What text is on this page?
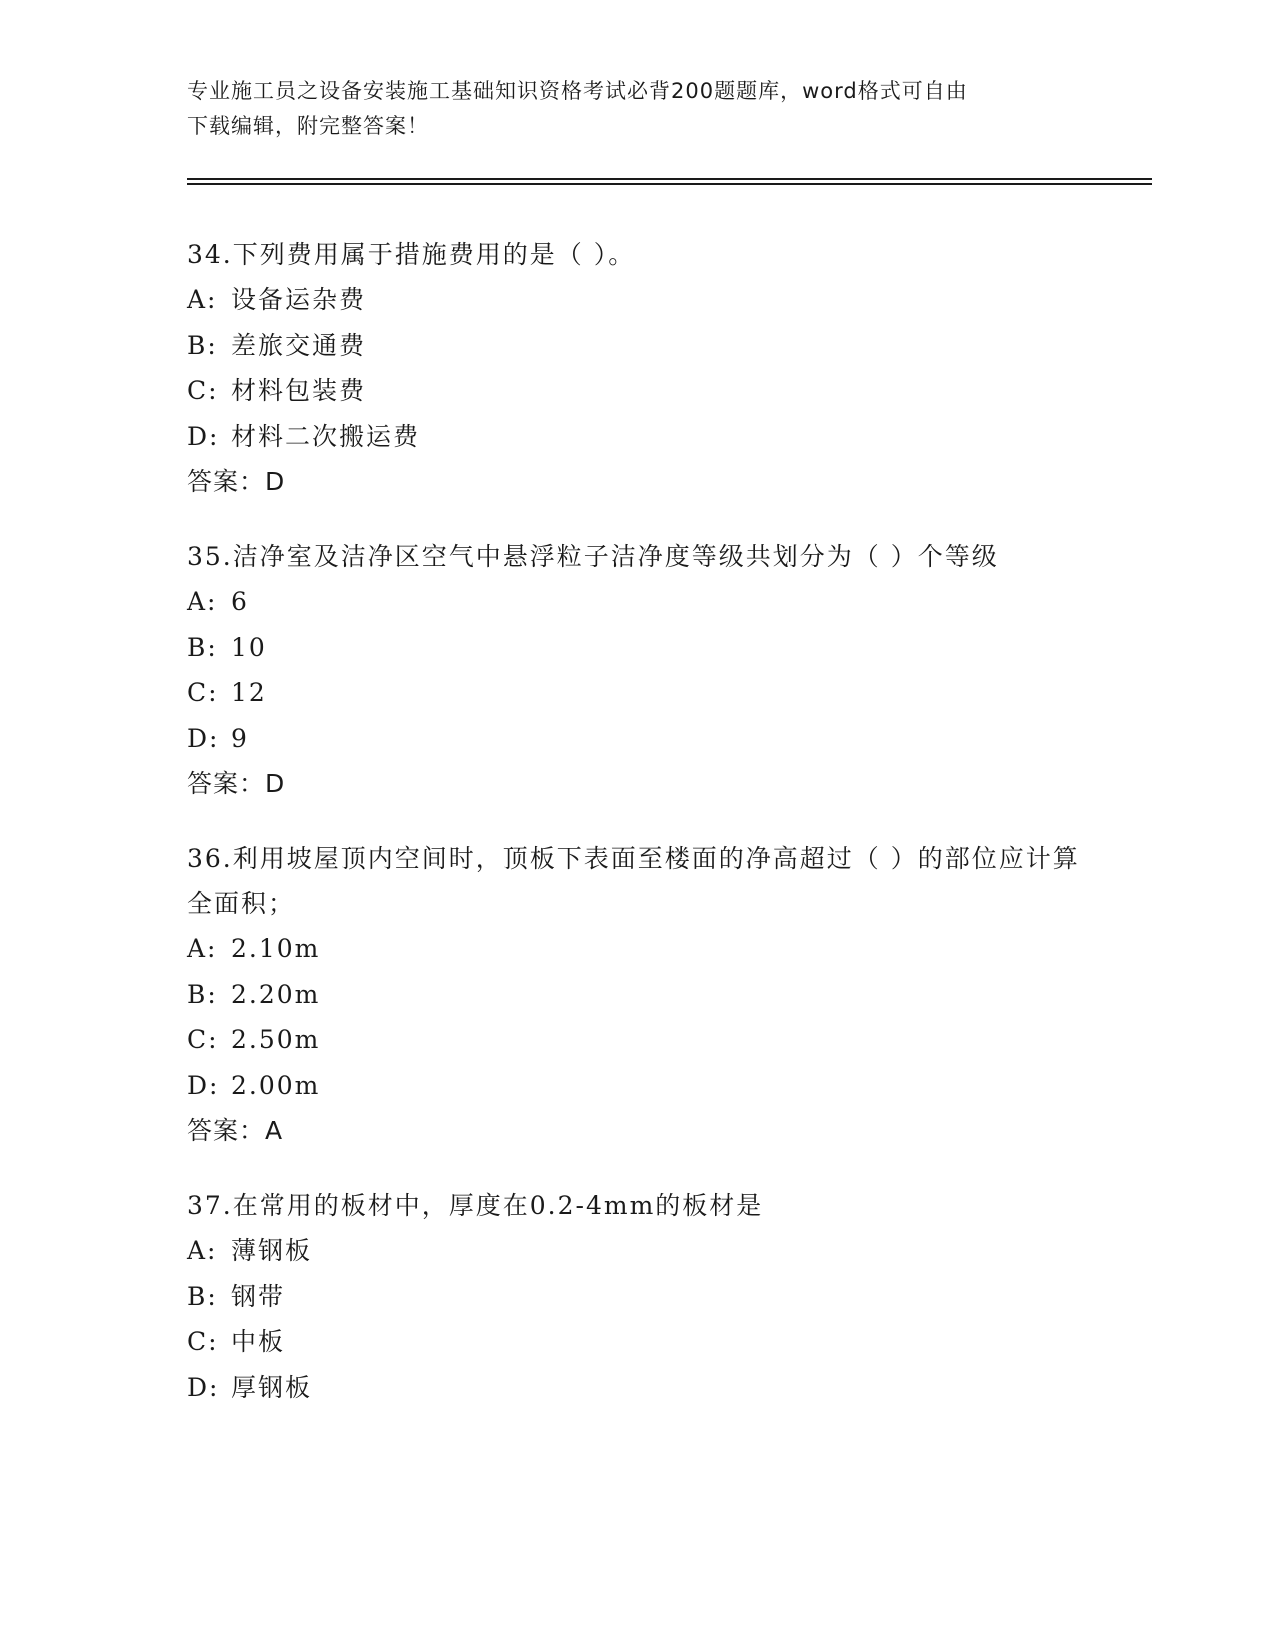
专业施工员之设备安装施工基础知识资格考试必背200题题库，word格式可自由
下载编辑，附完整答案！
34.下列费用属于措施费用的是（ ）。
A: 设备运杂费
B: 差旅交通费
C: 材料包装费
D: 材料二次搬运费
答案：D
35.洁净室及洁净区空气中悬浮粒子洁净度等级共划分为（ ）个等级
A: 6
B: 10
C: 12
D: 9
答案：D
36.利用坡屋顶内空间时，顶板下表面至楼面的净高超过（ ）的部位应计算全面积；
A: 2.10m
B: 2.20m
C: 2.50m
D: 2.00m
答案：A
37.在常用的板材中，厚度在0.2-4mm的板材是
A: 薄钢板
B: 钢带
C: 中板
D: 厚钢板
